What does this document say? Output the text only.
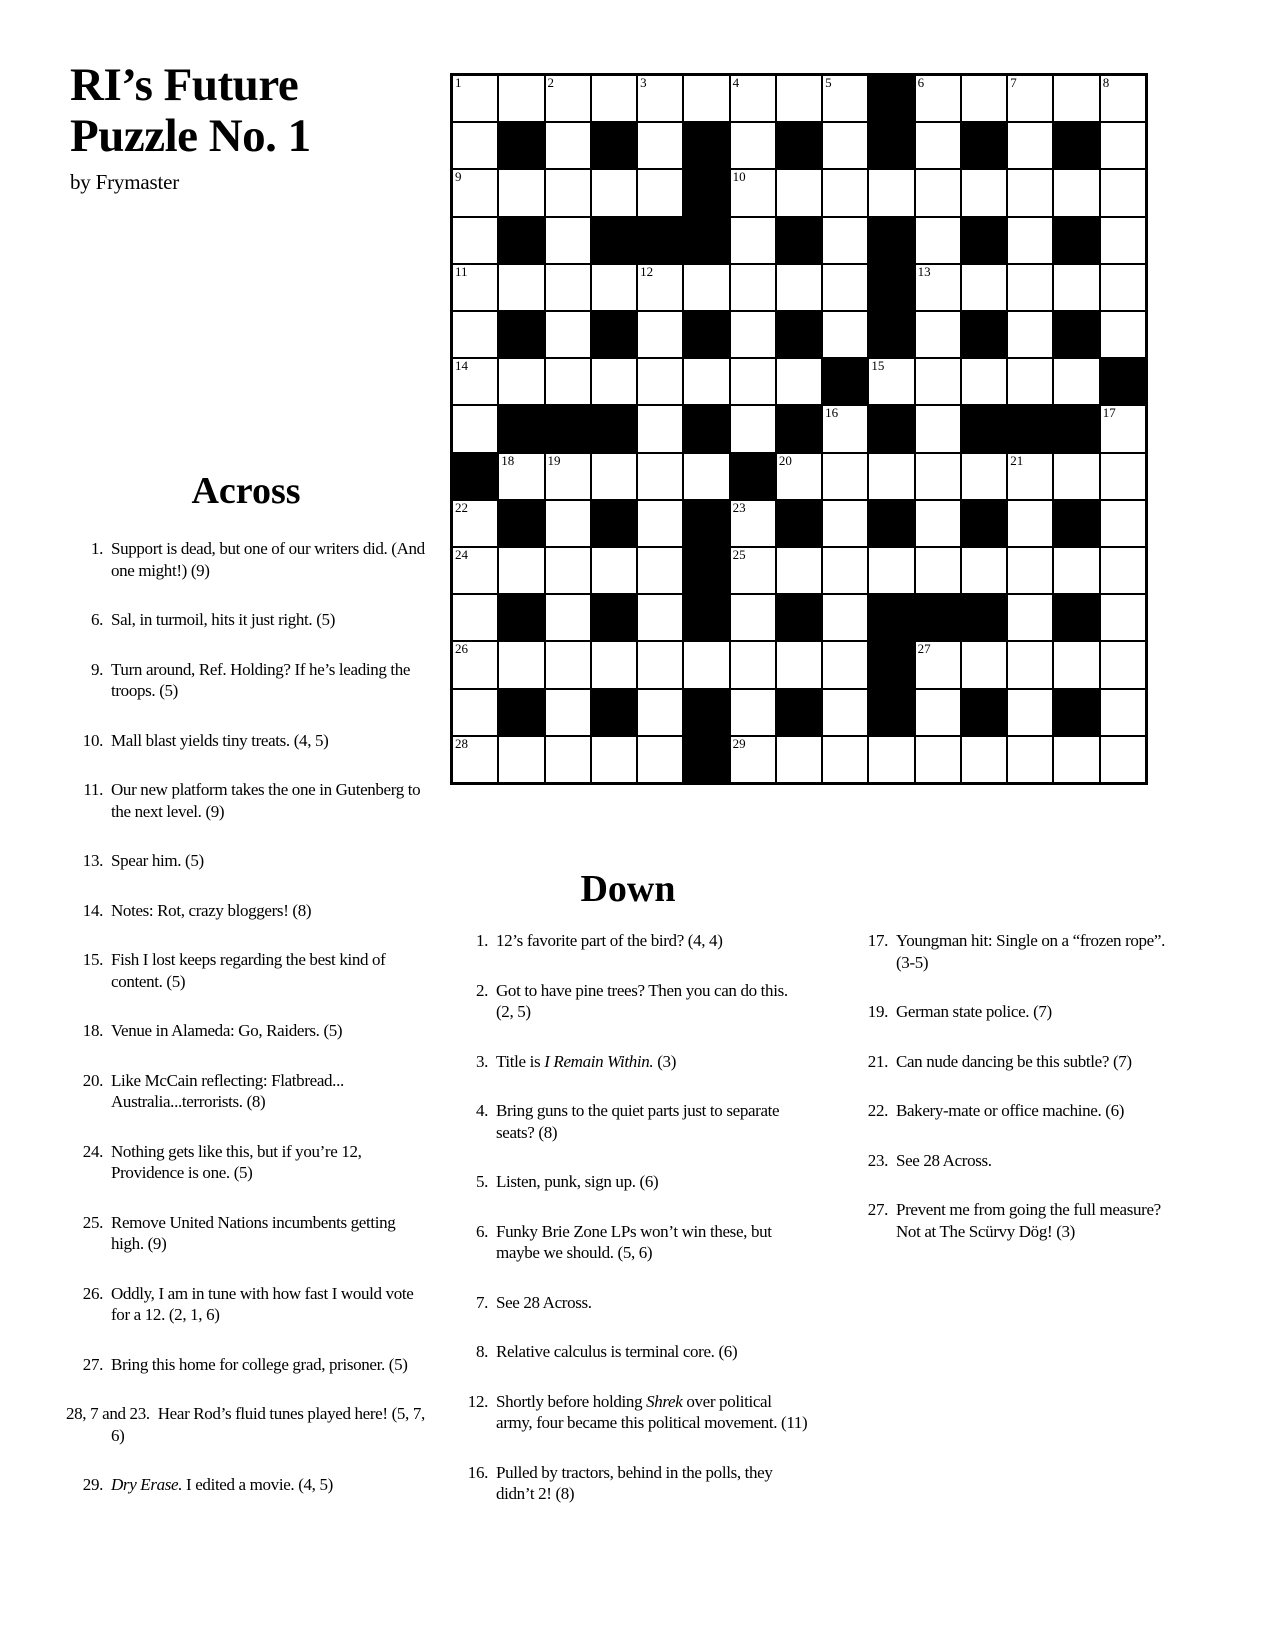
RI’s Future
Puzzle No. 1
by Frymaster
1	2	3	4	5	6	7	8
9	10
11	12	13
14	15
16	17
18	19	20	21
22	23
24	25
26	27
28	29
Across

1. Support is dead, but one of our writers did. (And one might!) (9)

6. Sal, in turmoil, hits it just right. (5)

9. Turn around, Ref. Holding? If he’s leading the troops. (5)

10. Mall blast yields tiny treats. (4, 5)

11. Our new platform takes the one in Gutenberg to the next level. (9)

13. Spear him. (5)

14. Notes: Rot, crazy bloggers! (8)

15. Fish I lost keeps regarding the best kind of content. (5)

18. Venue in Alameda: Go, Raiders. (5)

20. Like McCain reflecting: Flatbread... Australia...terrorists. (8)

24. Nothing gets like this, but if you’re 12, Providence is one. (5)

25. Remove United Nations incumbents getting high. (9)

26. Oddly, I am in tune with how fast I would vote for a 12. (2, 1, 6)

27. Bring this home for college grad, prisoner. (5)

28, 7 and 23. Hear Rod’s fluid tunes played here! (5, 7, 6)

29. Dry Erase. I edited a movie. (4, 5)

Down

1. 12’s favorite part of the bird? (4, 4)

2. Got to have pine trees? Then you can do this. (2, 5)

3. Title is I Remain Within. (3)

4. Bring guns to the quiet parts just to separate seats? (8)

5. Listen, punk, sign up. (6)

6. Funky Brie Zone LPs won’t win these, but maybe we should. (5, 6)

7. See 28 Across.

8. Relative calculus is terminal core. (6)

12. Shortly before holding Shrek over political army, four became this political movement. (11)

16. Pulled by tractors, behind in the polls, they didn’t 2! (8)

17. Youngman hit: Single on a “frozen rope”. (3-5)

19. German state police. (7)

21. Can nude dancing be this subtle? (7)

22. Bakery-mate or office machine. (6)

23. See 28 Across.

27. Prevent me from going the full measure? Not at The Scürvy Dög! (3)
